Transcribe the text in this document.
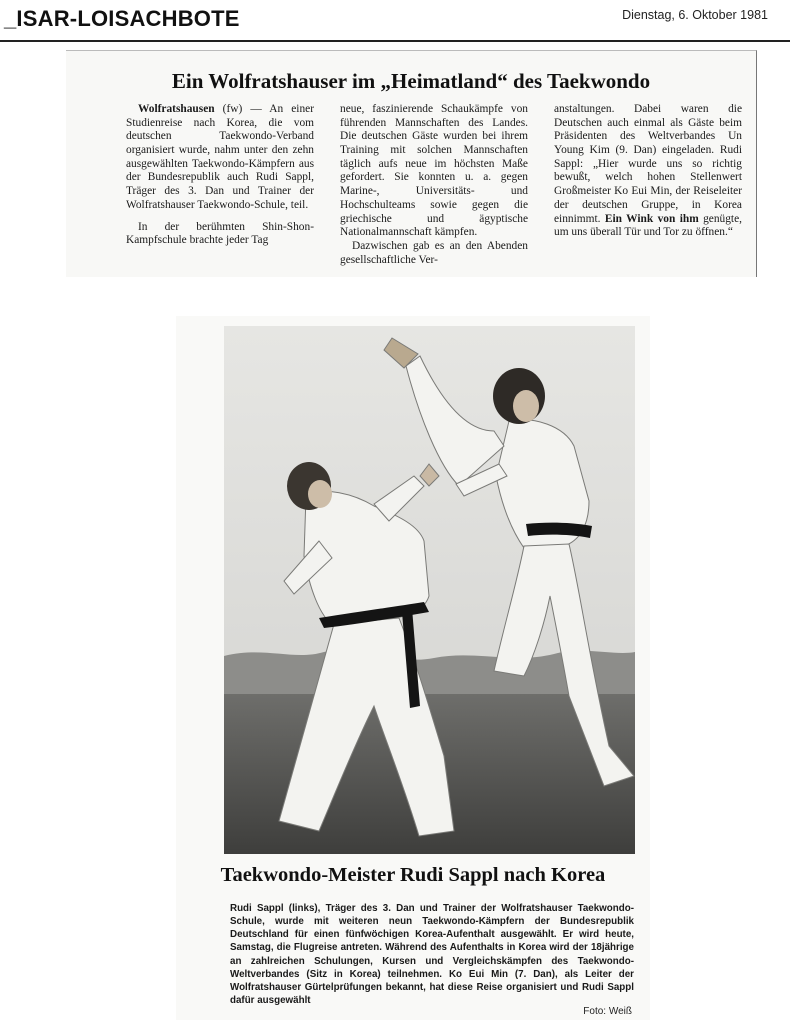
_ISAR-LOISACHBOTE	Dienstag, 6. Oktober 1981
Ein Wolfratshauser im „Heimatland“ des Taekwondo

Wolfratshausen (fw) — An einer Studienreise nach Korea, die vom deutschen Taekwondo-Verband organisiert wurde, nahm unter den zehn ausgewählten Taekwondo-Kämpfern aus der Bundesrepublik auch Rudi Sappl, Träger des 3. Dan und Trainer der Wolfratshauser Taekwondo-Schule, teil.

In der berühmten Shin-Shon-Kampfschule brachte jeder Tag

neue, faszinierende Schaukämpfe von führenden Mannschaften des Landes. Die deutschen Gäste wurden bei ihrem Training mit solchen Mannschaften täglich aufs neue im höchsten Maße gefordert. Sie konnten u. a. gegen Marine-, Universitäts- und Hochschulteams sowie gegen die griechische und ägyptische Nationalmannschaft kämpfen.

Dazwischen gab es an den Abenden gesellschaftliche Ver-

anstaltungen. Dabei waren die Deutschen auch einmal als Gäste beim Präsidenten des Weltverbandes Un Young Kim (9. Dan) eingeladen. Rudi Sappl: „Hier wurde uns so richtig bewußt, welch hohen Stellenwert Großmeister Ko Eui Min, der Reiseleiter der deutschen Gruppe, in Korea einnimmt. Ein Wink von ihm genügte, um uns überall Tür und Tor zu öffnen.“

Taekwondo-Meister Rudi Sappl nach Korea
Rudi Sappl (links), Träger des 3. Dan und Trainer der Wolfratshauser Taekwondo-Schule, wurde mit weiteren neun Taekwondo-Kämpfern der Bundesrepublik Deutschland für einen fünfwöchigen Korea-Aufenthalt ausgewählt. Er wird heute, Samstag, die Flugreise antreten. Während des Aufenthalts in Korea wird der 18jährige an zahlreichen Schulungen, Kursen und Vergleichskämpfen des Taekwondo-Weltverbandes (Sitz in Korea) teilnehmen. Ko Eui Min (7. Dan), als Leiter der Wolfratshauser Gürtelprüfungen bekannt, hat diese Reise organisiert und Rudi Sappl dafür ausgewählt
Foto: Weiß
